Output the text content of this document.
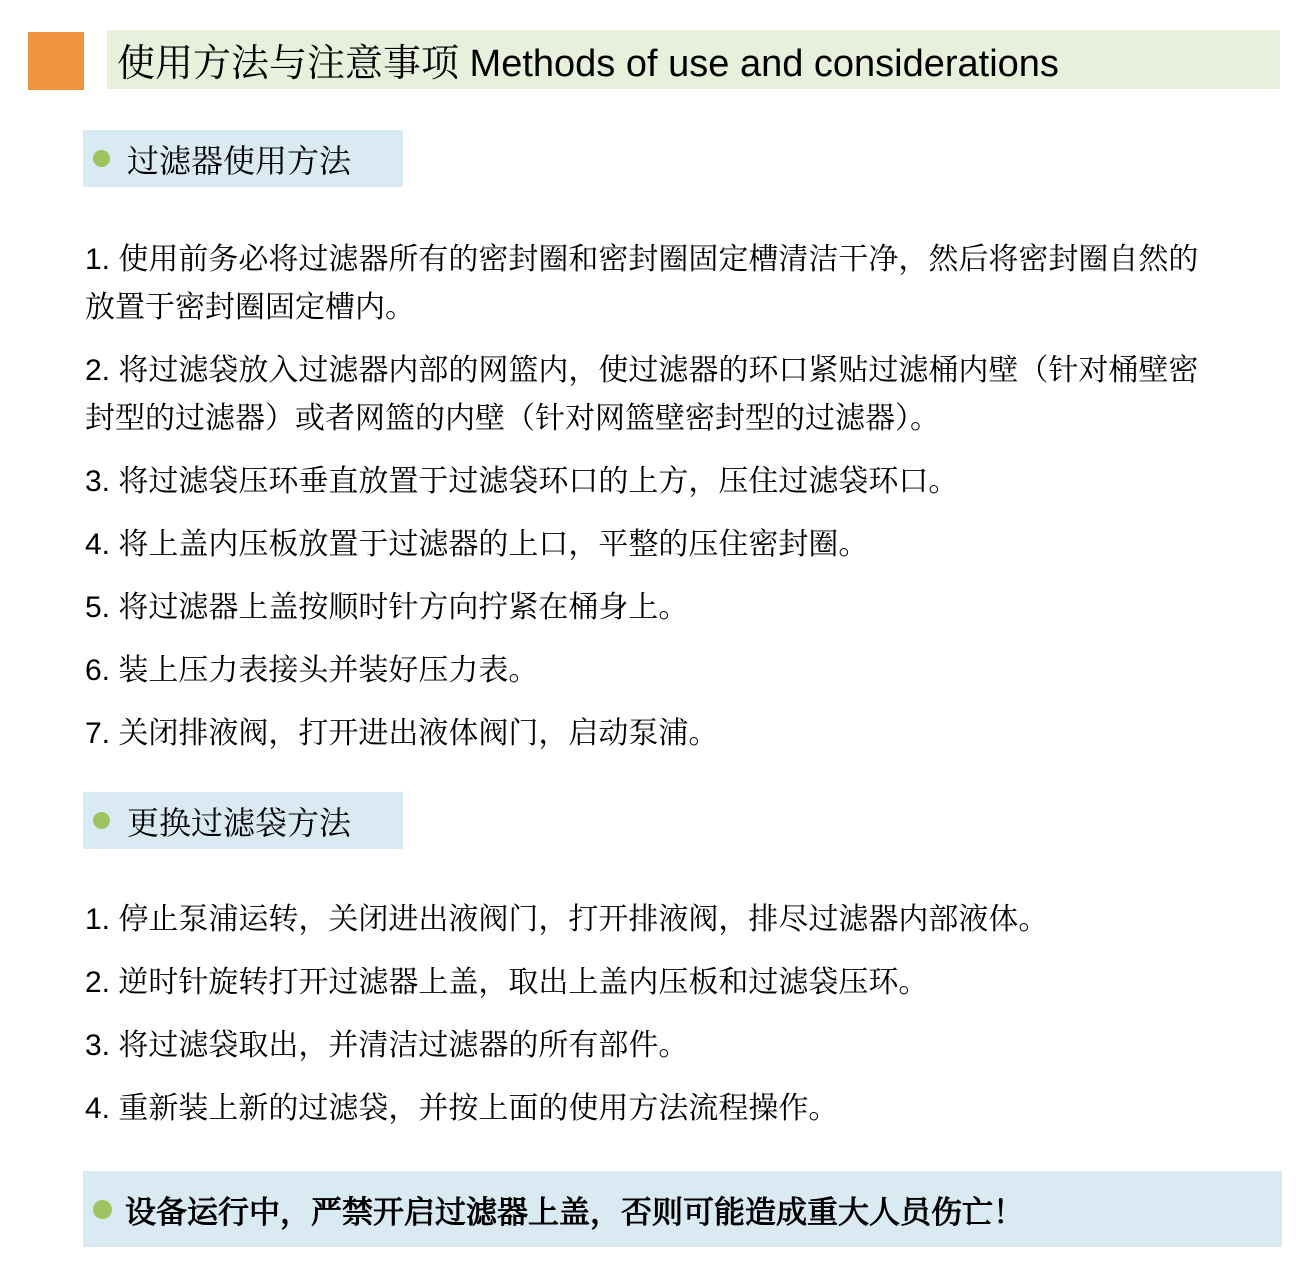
使用方法与注意事项 Methods of use and considerations
过滤器使用方法
1. 使用前务必将过滤器所有的密封圈和密封圈固定槽清洁干净，然后将密封圈自然的放置于密封圈固定槽内。
2. 将过滤袋放入过滤器内部的网篮内，使过滤器的环口紧贴过滤桶内壁（针对桶壁密封型的过滤器）或者网篮的内壁（针对网篮壁密封型的过滤器）。
3. 将过滤袋压环垂直放置于过滤袋环口的上方，压住过滤袋环口。
4. 将上盖内压板放置于过滤器的上口，平整的压住密封圈。
5. 将过滤器上盖按顺时针方向拧紧在桶身上。
6. 装上压力表接头并装好压力表。
7. 关闭排液阀，打开进出液体阀门，启动泵浦。
更换过滤袋方法
1. 停止泵浦运转，关闭进出液阀门，打开排液阀，排尽过滤器内部液体。
2. 逆时针旋转打开过滤器上盖，取出上盖内压板和过滤袋压环。
3. 将过滤袋取出，并清洁过滤器的所有部件。
4. 重新装上新的过滤袋，并按上面的使用方法流程操作。
设备运行中，严禁开启过滤器上盖，否则可能造成重大人员伤亡！
